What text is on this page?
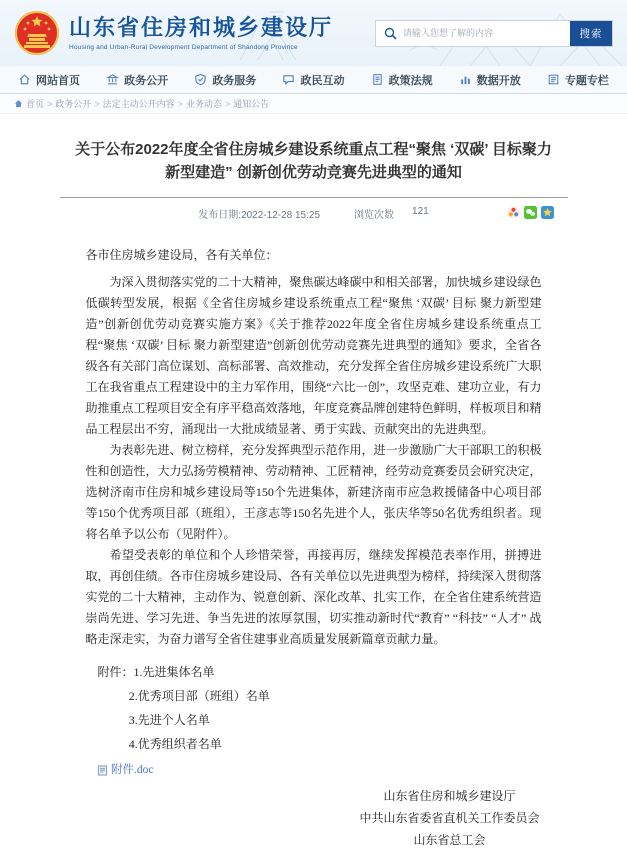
山东省住房和城乡建设厅
Housing and Urban-Rural Development Department of Shandong Province
请输入您想了解的内容
搜索
网站首页	政务公开	政务服务	政民互动	政策法规	数据开放	专题专栏
首页 > 政务公开 > 法定主动公开内容 > 业务动态 > 通知公告
关于公布2022年度全省住房城乡建设系统重点工程“聚焦 ‘双碳’ 目标聚力新型建造” 创新创优劳动竞赛先进典型的通知
发布日期:2022-12-28 15:25	浏览次数 121

各市住房城乡建设局，各有关单位：

为深入贯彻落实党的二十大精神，聚焦碳达峰碳中和相关部署，加快城乡建设绿色低碳转型发展，根据《全省住房城乡建设系统重点工程“聚焦 ‘双碳’ 目标 聚力新型建造”创新创优劳动竞赛实施方案》《关于推荐2022年度全省住房城乡建设系统重点工程“聚焦 ‘双碳’ 目标 聚力新型建造”创新创优劳动竞赛先进典型的通知》要求，全省各级各有关部门高位谋划、高标部署、高效推动，充分发挥全省住房城乡建设系统广大职工在我省重点工程建设中的主力军作用，围绕“六比一创”，攻坚克难、建功立业，有力助推重点工程项目安全有序平稳高效落地，年度竞赛品牌创建特色鲜明，样板项目和精品工程层出不穷，涌现出一大批成绩显著、勇于实践、贡献突出的先进典型。

为表彰先进、树立榜样，充分发挥典型示范作用，进一步激励广大干部职工的积极性和创造性，大力弘扬劳模精神、劳动精神、工匠精神，经劳动竞赛委员会研究决定，选树济南市住房和城乡建设局等150个先进集体，新建济南市应急救援储备中心项目部等150个优秀项目部（班组），王彦志等150名先进个人，张庆华等50名优秀组织者。现将名单予以公布（见附件）。

希望受表彰的单位和个人珍惜荣誉，再接再厉，继续发挥模范表率作用，拼搏进取，再创佳绩。各市住房城乡建设局、各有关单位以先进典型为榜样，持续深入贯彻落实党的二十大精神，主动作为、锐意创新、深化改革、扎实工作，在全省住建系统营造崇尚先进、学习先进、争当先进的浓厚氛围，切实推动新时代“教育” “科技” “人才” 战略走深走实，为奋力谱写全省住建事业高质量发展新篇章贡献力量。

附件：1.先进集体名单

2.优秀项目部（班组）名单

3.先进个人名单

4.优秀组织者名单

附件.doc

山东省住房和城乡建设厅

中共山东省委省直机关工作委员会

山东省总工会
